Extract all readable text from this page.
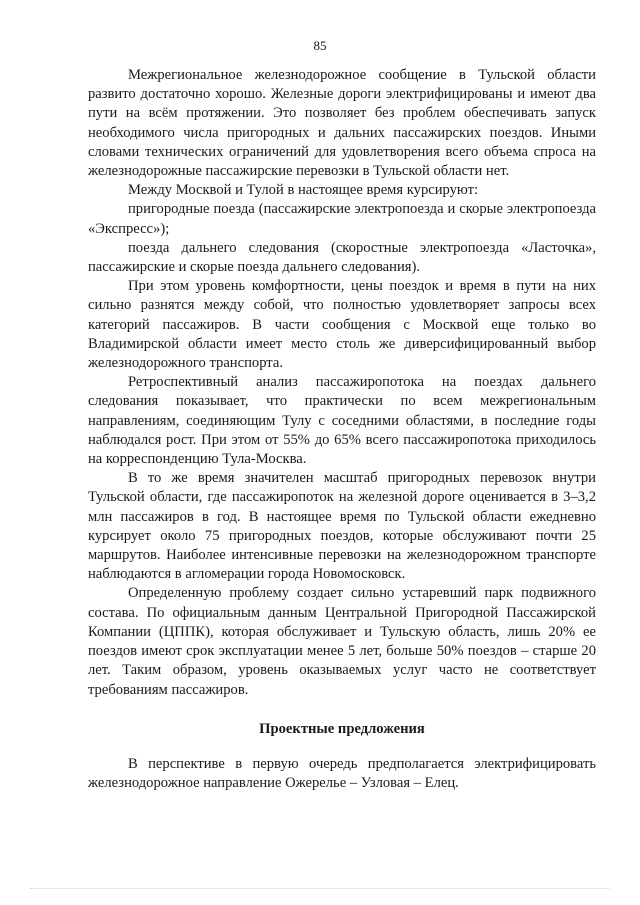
85

Межрегиональное железнодорожное сообщение в Тульской области развито достаточно хорошо. Железные дороги электрифицированы и имеют два пути на всём протяжении. Это позволяет без проблем обеспечивать запуск необходимого числа пригородных и дальних пассажирских поездов. Иными словами технических ограничений для удовлетворения всего объема спроса на железнодорожные пассажирские перевозки в Тульской области нет.

Между Москвой и Тулой в настоящее время курсируют:

пригородные поезда (пассажирские электропоезда и скорые электропоезда «Экспресс»);

поезда дальнего следования (скоростные электропоезда «Ласточка», пассажирские и скорые поезда дальнего следования).

При этом уровень комфортности, цены поездок и время в пути на них сильно разнятся между собой, что полностью удовлетворяет запросы всех категорий пассажиров. В части сообщения с Москвой еще только во Владимирской области имеет место столь же диверсифицированный выбор железнодорожного транспорта.

Ретроспективный анализ пассажиропотока на поездах дальнего следования показывает, что практически по всем межрегиональным направлениям, соединяющим Тулу с соседними областями, в последние годы наблюдался рост. При этом от 55% до 65% всего пассажиропотока приходилось на корреспонденцию Тула-Москва.

В то же время значителен масштаб пригородных перевозок внутри Тульской области, где пассажиропоток на железной дороге оценивается в 3–3,2 млн пассажиров в год. В настоящее время по Тульской области ежедневно курсирует около 75 пригородных поездов, которые обслуживают почти 25 маршрутов. Наиболее интенсивные перевозки на железнодорожном транспорте наблюдаются в агломерации города Новомосковск.

Определенную проблему создает сильно устаревший парк подвижного состава. По официальным данным Центральной Пригородной Пассажирской Компании (ЦППК), которая обслуживает и Тульскую область, лишь 20% ее поездов имеют срок эксплуатации менее 5 лет, больше 50% поездов – старше 20 лет. Таким образом, уровень оказываемых услуг часто не соответствует требованиям пассажиров.

Проектные предложения

В перспективе в первую очередь предполагается электрифицировать железнодорожное направление Ожерелье – Узловая – Елец.
